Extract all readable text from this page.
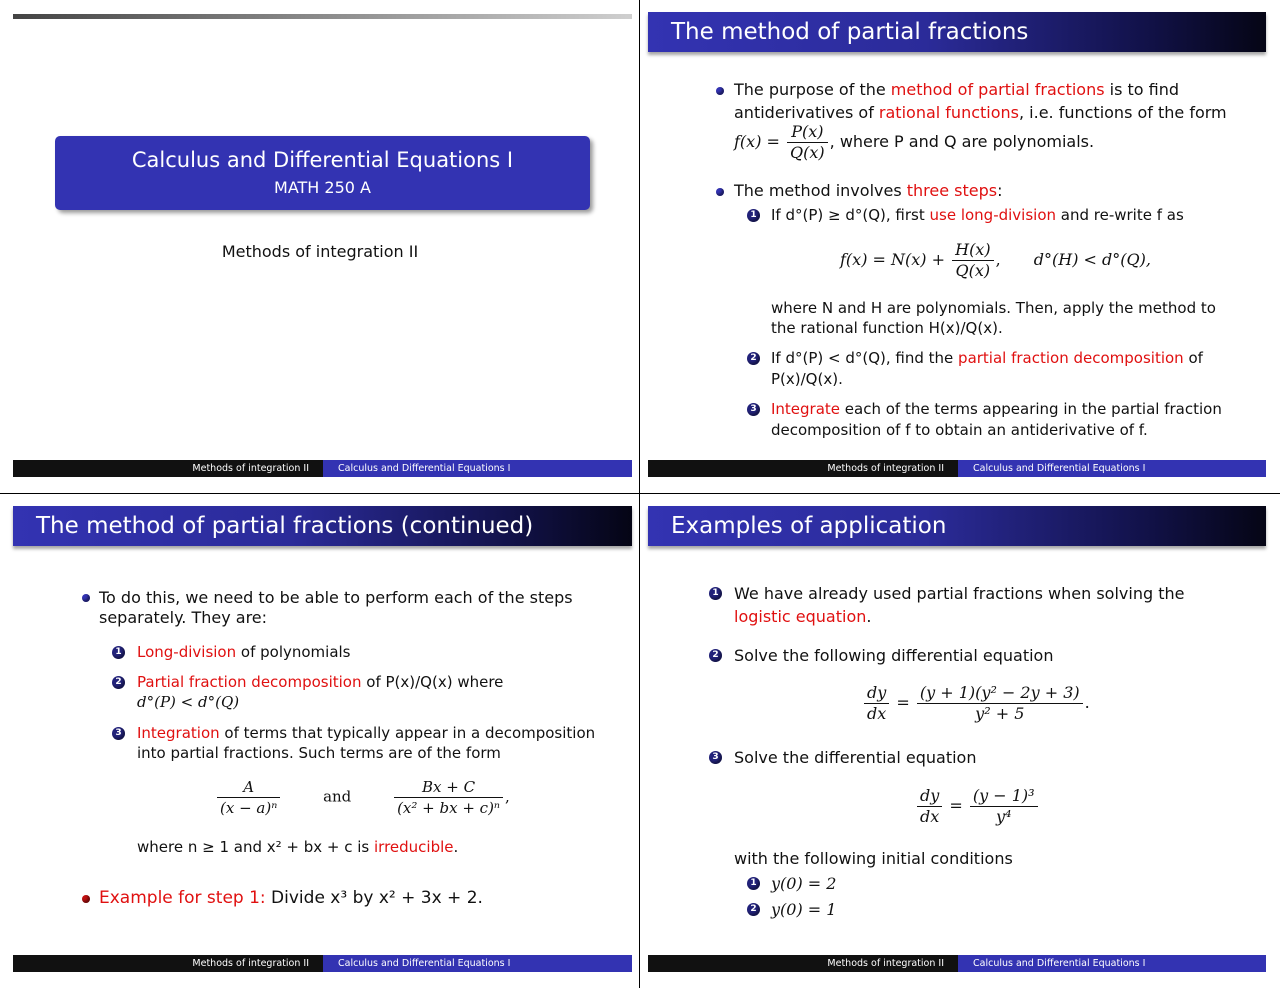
Calculus and Differential Equations I
MATH 250 A
Methods of integration II
Methods of integration II	Calculus and Differential Equations I
The method of partial fractions
The purpose of the method of partial fractions is to find
antiderivatives of rational functions, i.e. functions of the form
$f(x) = \frac{P(x)}{Q(x)}$ , where P and Q are polynomials.
The method involves three steps:
1 If d°(P) ≥ d°(Q), first use long-division and re-write f as
$f(x) = N(x) + \frac{H(x)}{Q(x)}$ , d°(H) < d°(Q),
where N and H are polynomials. Then, apply the method to
the rational function H(x)/Q(x).
2 If d°(P) < d°(Q), find the partial fraction decomposition of
P(x)/Q(x).
3 Integrate each of the terms appearing in the partial fraction
decomposition of f to obtain an antiderivative of f.
Methods of integration II	Calculus and Differential Equations I
The method of partial fractions (continued)
To do this, we need to be able to perform each of the steps
separately. They are:
1 Long-division of polynomials
2 Partial fraction decomposition of P(x)/Q(x) where
d°(P) < d°(Q)
3 Integration of terms that typically appear in a decomposition
into partial fractions. Such terms are of the form
$\frac{A}{\text{(x − a)ⁿ}}$	and	$\frac{Bx + C}{\text{(x² + bx + c)ⁿ}}$ ,
where n ≥ 1 and x² + bx + c is irreducible.
Example for step 1: Divide x³ by x² + 3x + 2.
Methods of integration II	Calculus and Differential Equations I
Examples of application
1 We have already used partial fractions when solving the
logistic equation.
2 Solve the following differential equation
$\frac{dy}{dx} = \frac{\text{(y + 1)(y² − 2y + 3)}}{\text{y² + 5}}$ .
3 Solve the differential equation
$\frac{dy}{dx} = \frac{\text{(y − 1)³}}{\text{y⁴}}$
with the following initial conditions
1 y(0) = 2
2 y(0) = 1
Methods of integration II	Calculus and Differential Equations I
